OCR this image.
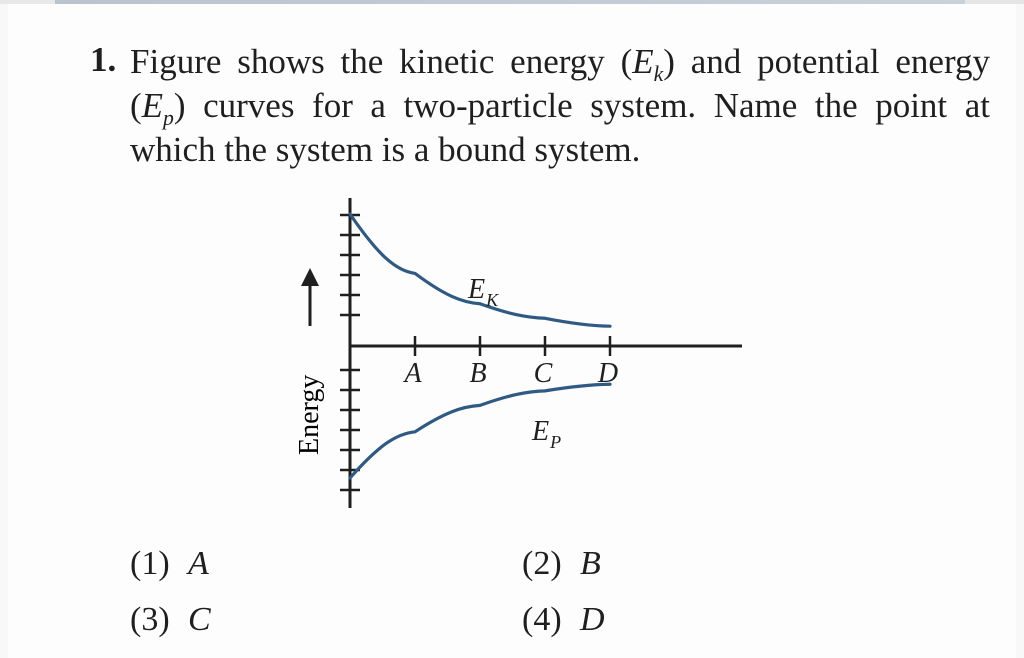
1. Figure shows the kinetic energy $(E_k)$ and potential energy
$(E_p)$ curves for a two-particle system. Name the point at
which the system is a bound system.
A B C D
$E_K$
$E_P$
Energy
(1) A	(2) B
(3) C	(4) D
